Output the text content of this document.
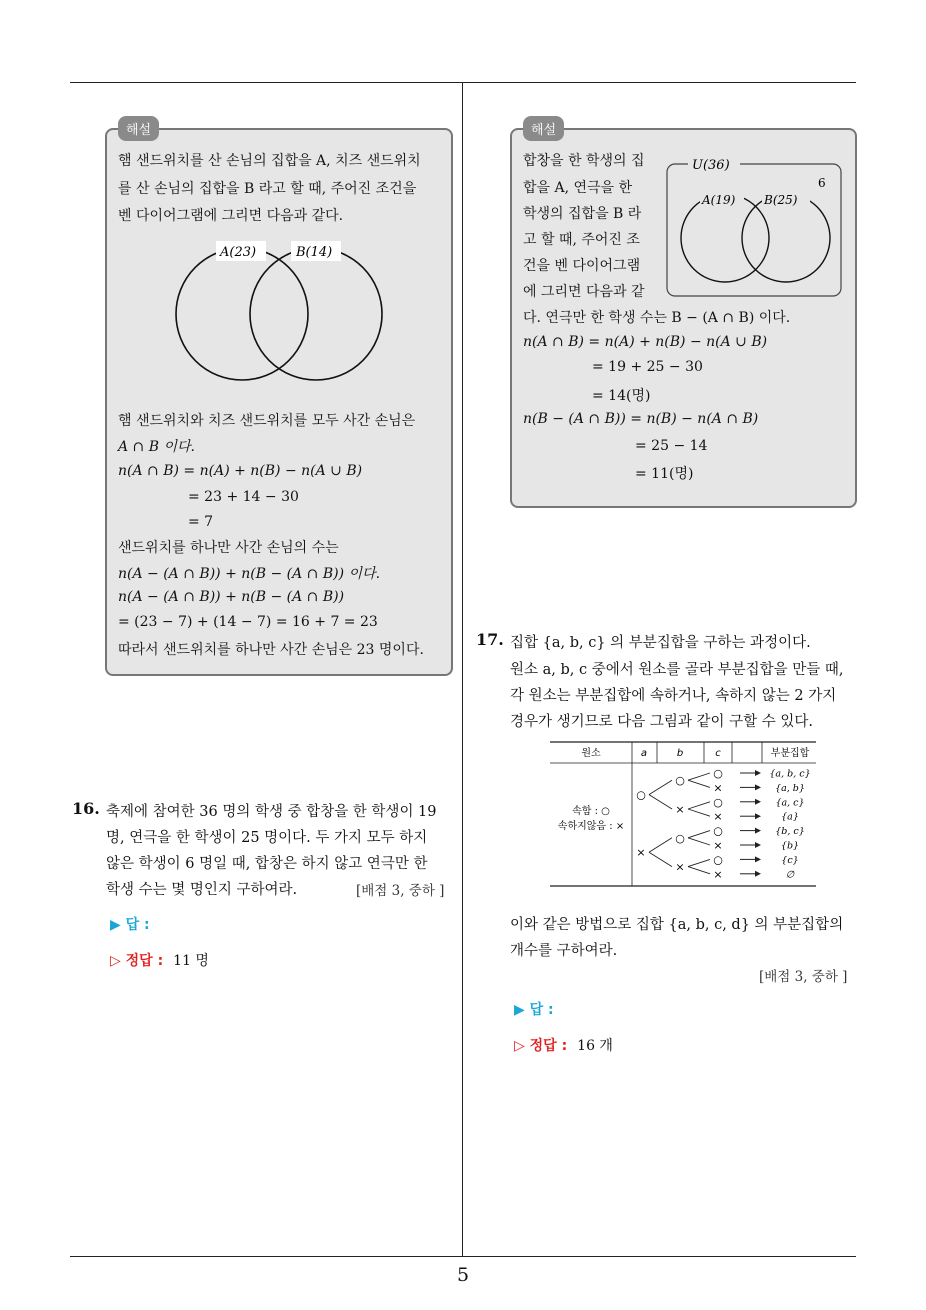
5
해설
햄 샌드위치를 산 손님의 집합을 A, 치즈 샌드위치
를 산 손님의 집합을 B 라고 할 때, 주어진 조건을
벤 다이어그램에 그리면 다음과 같다.
A(23)	B(14)
햄 샌드위치와 치즈 샌드위치를 모두 사간 손님은
A ∩ B 이다.
n(A ∩ B) = n(A) + n(B) − n(A ∪ B)
= 23 + 14 − 30
= 7
샌드위치를 하나만 사간 손님의 수는
n(A − (A ∩ B)) + n(B − (A ∩ B)) 이다.
n(A − (A ∩ B)) + n(B − (A ∩ B))
= (23 − 7) + (14 − 7) = 16 + 7 = 23
따라서 샌드위치를 하나만 사간 손님은 23 명이다.
16. 축제에 참여한 36 명의 학생 중 합창을 한 학생이 19
명, 연극을 한 학생이 25 명이다. 두 가지 모두 하지
않은 학생이 6 명일 때, 합창은 하지 않고 연극만 한
학생 수는 몇 명인지 구하여라.	[배점 3, 중하 ]
▶ 답 :
▷ 정답 : 11 명
해설
합창을 한 학생의 집
합을 A, 연극을 한
학생의 집합을 B 라
고 할 때, 주어진 조
건을 벤 다이어그램
에 그리면 다음과 같
다. 연극만 한 학생 수는 B − (A ∩ B) 이다.
n(A ∩ B) = n(A) + n(B) − n(A ∪ B)
= 19 + 25 − 30
= 14(명)
n(B − (A ∩ B)) = n(B) − n(A ∩ B)
= 25 − 14
= 11(명)
U(36)
6
A(19) B(25)
17. 집합 {a, b, c} 의 부분집합을 구하는 과정이다.
원소 a, b, c 중에서 원소를 골라 부분집합을 만들 때,
각 원소는 부분집합에 속하거나, 속하지 않는 2 가지
경우가 생기므로 다음 그림과 같이 구할 수 있다.
원소	a	b	c	부분집합
속함 : ○
속하지않음 : ×
○
×
○
×
○
×
○	{a, b, c}
×	{a, b}
○	{a, c}
×	{a}
○	{b, c}
×	{b}
○	{c}
×	∅
이와 같은 방법으로 집합 {a, b, c, d} 의 부분집합의
개수를 구하여라.
[배점 3, 중하 ]
▶ 답 :
▷ 정답 : 16 개
